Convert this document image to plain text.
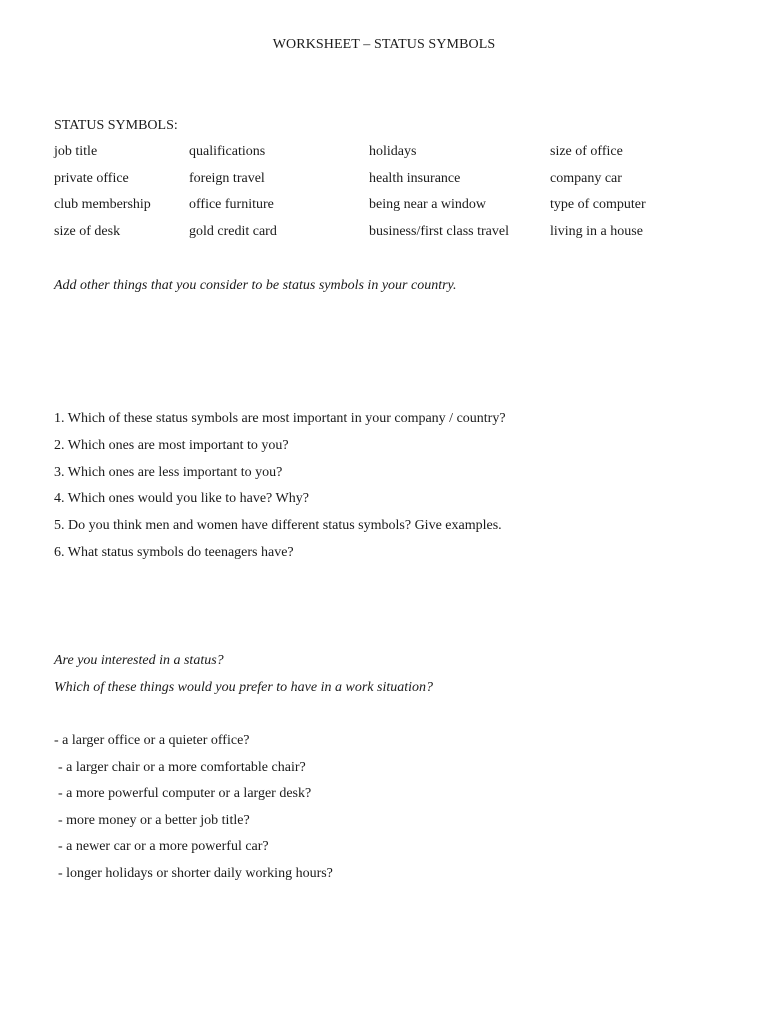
WORKSHEET – STATUS SYMBOLS
STATUS SYMBOLS:
job title	qualifications	holidays	size of office
private office	foreign travel	health insurance	company car
club membership	office furniture	being near a window	type of computer
size of desk	gold credit card	business/first class travel	living in a house
Add other things that you consider to be status symbols in your country.
1. Which of these status symbols are most important in your company / country?
2. Which ones are most important to you?
3. Which ones are less important to you?
4. Which ones would you like to have? Why?
5. Do you think men and women have different status symbols? Give examples.
6. What status symbols do teenagers have?
Are you interested in a status?
Which of these things would you prefer to have in a work situation?
- a larger office or a quieter office?
- a larger chair or a more comfortable chair?
- a more powerful computer or a larger desk?
- more money or a better job title?
- a newer car or a more powerful car?
- longer holidays or shorter daily working hours?
